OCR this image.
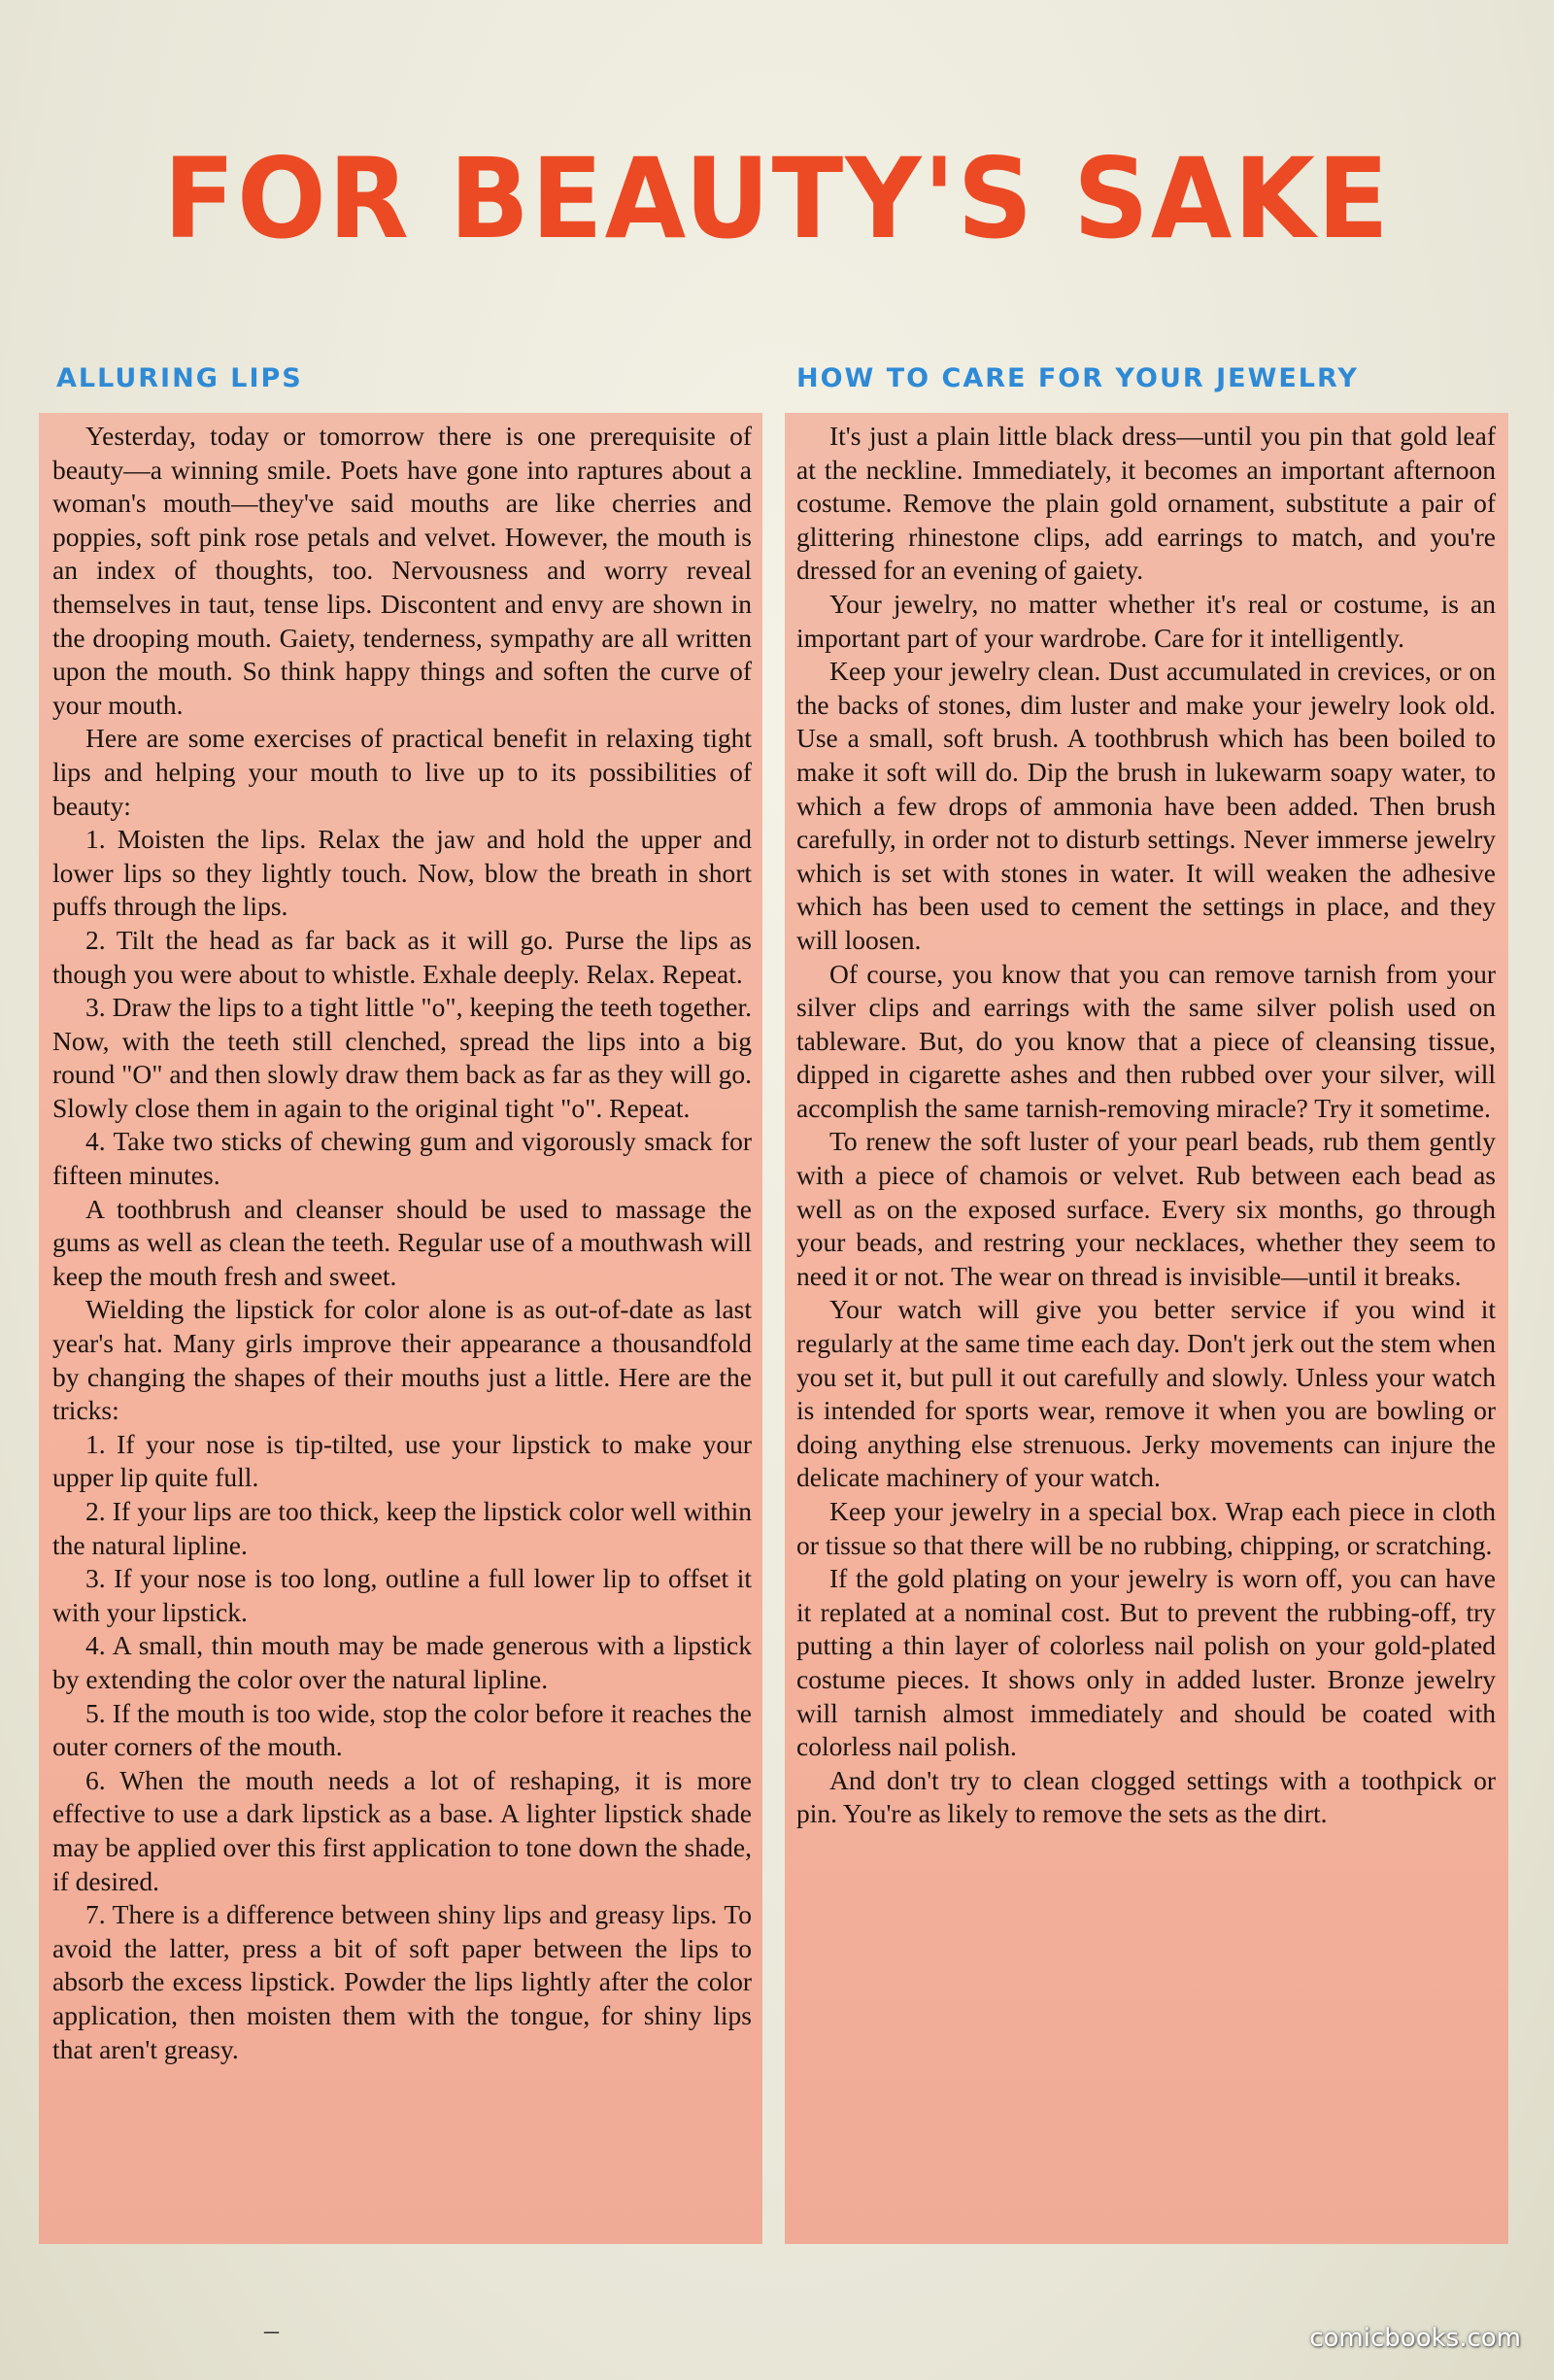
FOR BEAUTY'S SAKE
ALLURING LIPS	HOW TO CARE FOR YOUR JEWELRY

Yesterday, today or tomorrow there is one prerequisite of beauty—a winning smile. Poets have gone into raptures about a woman's mouth—they've said mouths are like cherries and poppies, soft pink rose petals and velvet. However, the mouth is an index of thoughts, too. Nervousness and worry reveal themselves in taut, tense lips. Discontent and envy are shown in the drooping mouth. Gaiety, tenderness, sympathy are all written upon the mouth. So think happy things and soften the curve of your mouth.

Here are some exercises of practical benefit in relaxing tight lips and helping your mouth to live up to its possibilities of beauty:

1. Moisten the lips. Relax the jaw and hold the upper and lower lips so they lightly touch. Now, blow the breath in short puffs through the lips.

2. Tilt the head as far back as it will go. Purse the lips as though you were about to whistle. Exhale deeply. Relax. Repeat.

3. Draw the lips to a tight little "o", keeping the teeth together. Now, with the teeth still clenched, spread the lips into a big round "O" and then slowly draw them back as far as they will go. Slowly close them in again to the original tight "o". Repeat.

4. Take two sticks of chewing gum and vigorously smack for fifteen minutes.

A toothbrush and cleanser should be used to massage the gums as well as clean the teeth. Regular use of a mouthwash will keep the mouth fresh and sweet.

Wielding the lipstick for color alone is as out-of-date as last year's hat. Many girls improve their appearance a thousandfold by changing the shapes of their mouths just a little. Here are the tricks:

1. If your nose is tip-tilted, use your lipstick to make your upper lip quite full.

2. If your lips are too thick, keep the lipstick color well within the natural lipline.

3. If your nose is too long, outline a full lower lip to offset it with your lipstick.

4. A small, thin mouth may be made generous with a lipstick by extending the color over the natural lipline.

5. If the mouth is too wide, stop the color before it reaches the outer corners of the mouth.

6. When the mouth needs a lot of reshaping, it is more effective to use a dark lipstick as a base. A lighter lipstick shade may be applied over this first application to tone down the shade, if desired.

7. There is a difference between shiny lips and greasy lips. To avoid the latter, press a bit of soft paper between the lips to absorb the excess lipstick. Powder the lips lightly after the color application, then moisten them with the tongue, for shiny lips that aren't greasy.

It's just a plain little black dress—until you pin that gold leaf at the neckline. Immediately, it becomes an important afternoon costume. Remove the plain gold ornament, substitute a pair of glittering rhinestone clips, add earrings to match, and you're dressed for an evening of gaiety.

Your jewelry, no matter whether it's real or costume, is an important part of your wardrobe. Care for it intelligently.

Keep your jewelry clean. Dust accumulated in crevices, or on the backs of stones, dim luster and make your jewelry look old. Use a small, soft brush. A toothbrush which has been boiled to make it soft will do. Dip the brush in lukewarm soapy water, to which a few drops of ammonia have been added. Then brush carefully, in order not to disturb settings. Never immerse jewelry which is set with stones in water. It will weaken the adhesive which has been used to cement the settings in place, and they will loosen.

Of course, you know that you can remove tarnish from your silver clips and earrings with the same silver polish used on tableware. But, do you know that a piece of cleansing tissue, dipped in cigarette ashes and then rubbed over your silver, will accomplish the same tarnish-removing miracle? Try it sometime.

To renew the soft luster of your pearl beads, rub them gently with a piece of chamois or velvet. Rub between each bead as well as on the exposed surface. Every six months, go through your beads, and restring your necklaces, whether they seem to need it or not. The wear on thread is invisible—until it breaks.

Your watch will give you better service if you wind it regularly at the same time each day. Don't jerk out the stem when you set it, but pull it out carefully and slowly. Unless your watch is intended for sports wear, remove it when you are bowling or doing anything else strenuous. Jerky movements can injure the delicate machinery of your watch.

Keep your jewelry in a special box. Wrap each piece in cloth or tissue so that there will be no rubbing, chipping, or scratching.

If the gold plating on your jewelry is worn off, you can have it replated at a nominal cost. But to prevent the rubbing-off, try putting a thin layer of colorless nail polish on your gold-plated costume pieces. It shows only in added luster. Bronze jewelry will tarnish almost immediately and should be coated with colorless nail polish.

And don't try to clean clogged settings with a toothpick or pin. You're as likely to remove the sets as the dirt.

–	comicbooks.com
